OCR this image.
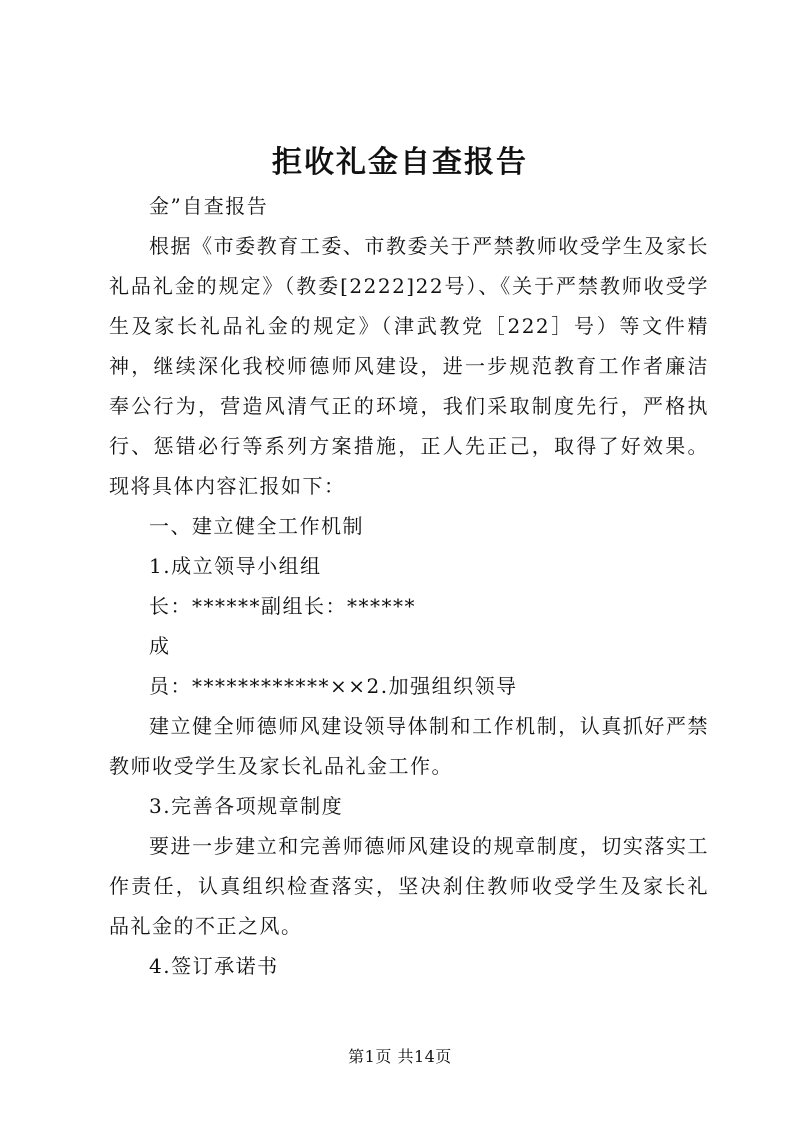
拒收礼金自查报告

金”自查报告

根据《市委教育工委、市教委关于严禁教师收受学生及家长礼品礼金的规定》（教委[2222]22号）、《关于严禁教师收受学生及家长礼品礼金的规定》（津武教党［222］号）等文件精神，继续深化我校师德师风建设，进一步规范教育工作者廉洁奉公行为，营造风清气正的环境，我们采取制度先行，严格执行、惩错必行等系列方案措施，正人先正己，取得了好效果。现将具体内容汇报如下：

一、建立健全工作机制

1.成立领导小组组

长：******副组长：******

成

员：************××2.加强组织领导

建立健全师德师风建设领导体制和工作机制，认真抓好严禁教师收受学生及家长礼品礼金工作。

3.完善各项规章制度

要进一步建立和完善师德师风建设的规章制度，切实落实工作责任，认真组织检查落实，坚决刹住教师收受学生及家长礼品礼金的不正之风。

4.签订承诺书

第1页 共14页
